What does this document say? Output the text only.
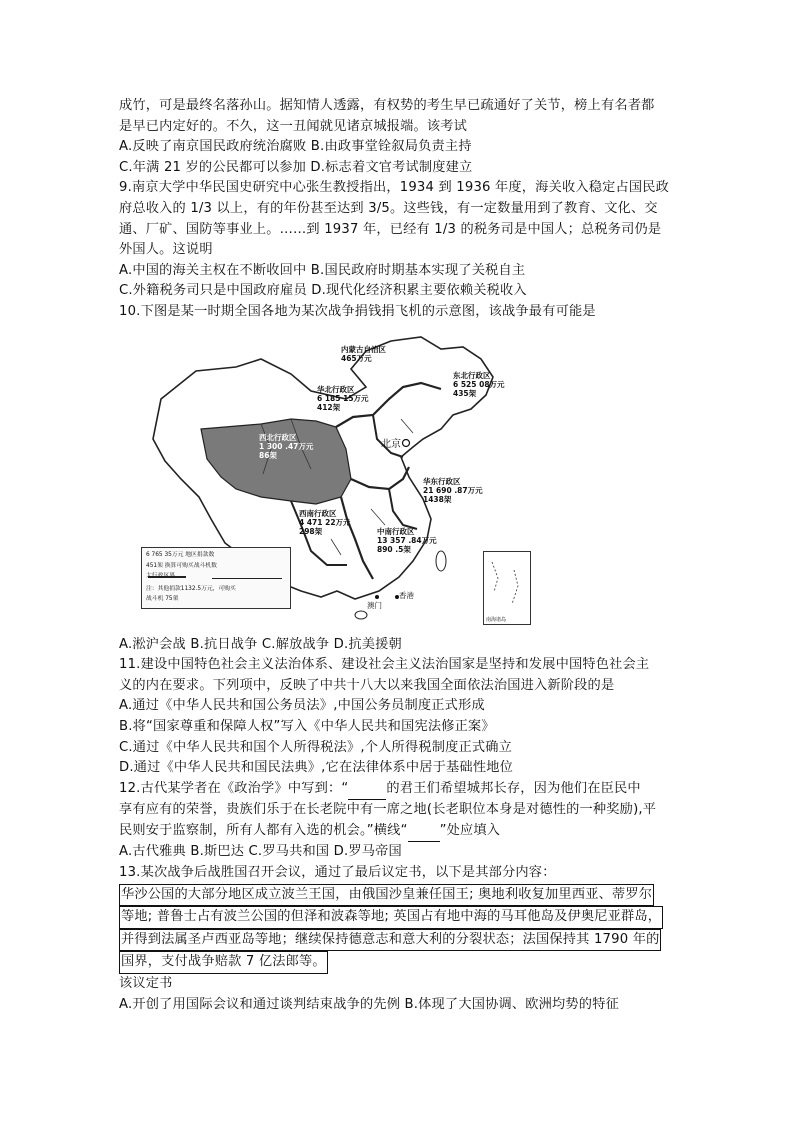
成竹，可是最终名落孙山。据知情人透露，有权势的考生早已疏通好了关节，榜上有名者都
是早已内定好的。不久，这一丑闻就见诸京城报端。该考试
A.反映了南京国民政府统治腐败 B.由政事堂铨叙局负责主持
C.年满 21 岁的公民都可以参加 D.标志着文官考试制度建立
9.南京大学中华民国史研究中心张生教授指出，1934 到 1936 年度，海关收入稳定占国民政
府总收入的 1/3 以上，有的年份甚至达到 3/5。这些钱，有一定数量用到了教育、文化、交
通、厂矿、国防等事业上。……到 1937 年，已经有 1/3 的税务司是中国人；总税务司仍是
外国人。这说明
A.中国的海关主权在不断收回中 B.国民政府时期基本实现了关税自主
C.外籍税务司只是中国政府雇员 D.现代化经济积累主要依赖关税收入
10.下图是某一时期全国各地为某次战争捐钱捐飞机的示意图，该战争最有可能是
内蒙古自治区
465万元
东北行政区
6 525 08万元
435架
华北行政区
6 185 15万元
412架
西北行政区
1 300 .47万元
86架
北京
华东行政区
21 690 .87万元
1438架
西南行政区
4 471 22万元
298架	中南行政区
13 357 .84万元
890 .5架
澳门
香港
6 765 35万元 地区捐款数
451架 换算可购买战斗机数
大行政区界
注：其他捐款1132.5万元，可购买
战斗机 75架
南海诸岛
A.淞沪会战 B.抗日战争 C.解放战争 D.抗美援朝
11.建设中国特色社会主义法治体系、建设社会主义法治国家是坚持和发展中国特色社会主
义的内在要求。下列项中，反映了中共十八大以来我国全面依法治国进入新阶段的是
A.通过《中华人民共和国公务员法》,中国公务员制度正式形成
B.将“国家尊重和保障人权”写入《中华人民共和国宪法修正案》
C.通过《中华人民共和国个人所得税法》,个人所得税制度正式确立
D.通过《中华人民共和国民法典》,它在法律体系中居于基础性地位
12.古代某学者在《政治学》中写到：“	的君王们希望城邦长存，因为他们在臣民中
享有应有的荣誉，贵族们乐于在长老院中有一席之地(长老职位本身是对德性的一种奖励),平
民则安于监察制，所有人都有入选的机会。”横线“ ”处应填入
A.古代雅典 B.斯巴达 C.罗马共和国 D.罗马帝国
13.某次战争后战胜国召开会议，通过了最后议定书，以下是其部分内容：
华沙公国的大部分地区成立波兰王国，由俄国沙皇兼任国王; 奥地利收复加里西亚、蒂罗尔
等地; 普鲁士占有波兰公国的但泽和波森等地; 英国占有地中海的马耳他岛及伊奥尼亚群岛，
并得到法属圣卢西亚岛等地；继续保持德意志和意大利的分裂状态；法国保持其 1790 年的
国界，支付战争赔款 7 亿法郎等。
该议定书
A.开创了用国际会议和通过谈判结束战争的先例 B.体现了大国协调、欧洲均势的特征
